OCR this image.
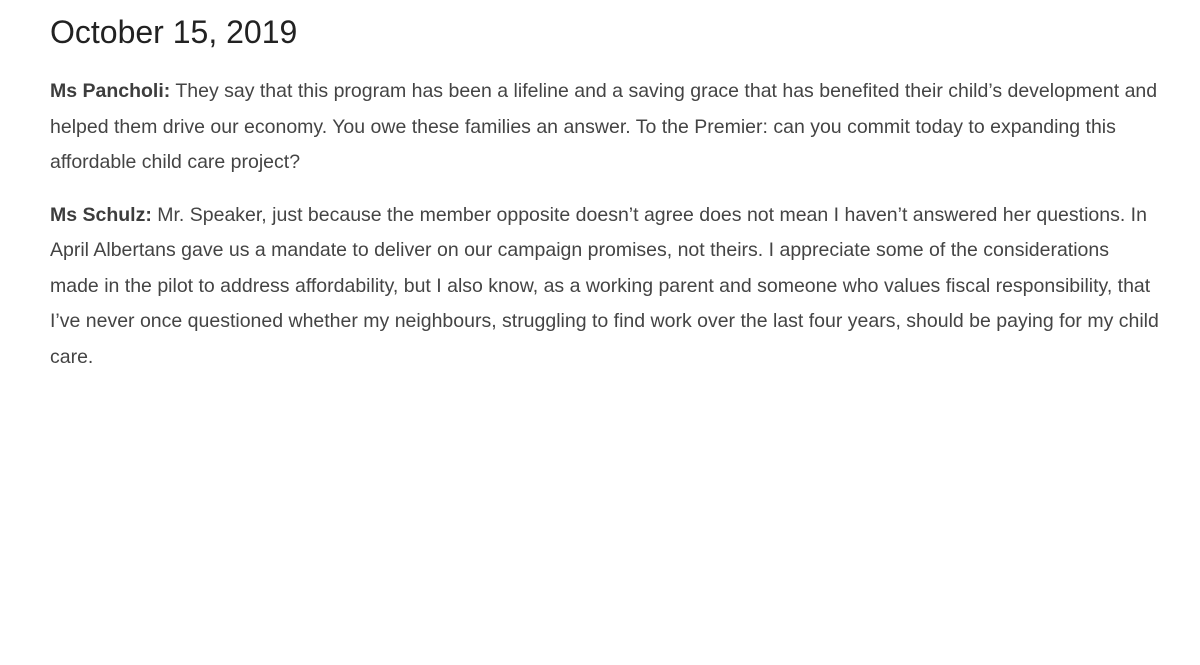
October 15, 2019

Ms Pancholi: They say that this program has been a lifeline and a saving grace that has benefited their child’s development and helped them drive our economy. You owe these families an answer. To the Premier: can you commit today to expanding this affordable child care project?

Ms Schulz: Mr. Speaker, just because the member opposite doesn’t agree does not mean I haven’t answered her questions. In April Albertans gave us a mandate to deliver on our campaign promises, not theirs. I appreciate some of the considerations made in the pilot to address affordability, but I also know, as a working parent and someone who values fiscal responsibility, that I’ve never once questioned whether my neighbours, struggling to find work over the last four years, should be paying for my child care.
